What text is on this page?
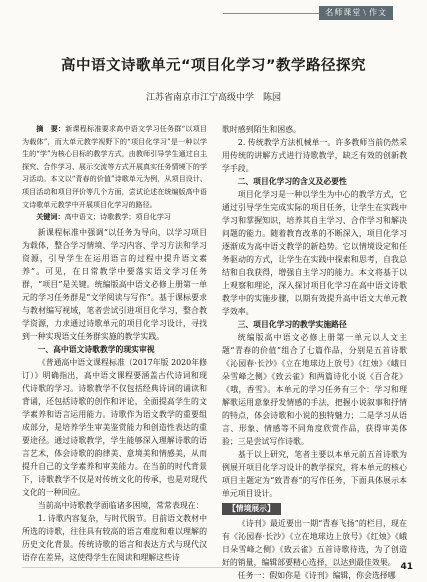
名师课堂 \ 作文
高中语文诗歌单元“项目化学习”教学路径探究
江苏省南京市江宁高级中学　陈园
摘　要：新课程标准要求高中语文学习任务群“以项目为载体”，而大单元教学视野下的“项目化学习”是一种以学生的“学”为核心目标的教学方式，由教师引导学生通过自主探究、合作学习、展示交流等方式开展真实任务情境下的学习活动。本文以“青春的价值”诗歌单元为例，从项目设计、项目活动和项目评价等几个方面，尝试论述在统编版高中语文诗歌单元教学中开展项目化学习的路径。
关键词：高中语文；诗歌教学；项目化学习

新课程标准中强调“以任务为导向，以学习项目为载体，整合学习情境、学习内容、学习方法和学习资源，引导学生在运用语言的过程中提升语文素养”。可见，在日常教学中要落实语文学习任务群，“项目”是关键。统编版高中语文必修上册第一单元的学习任务群是“文学阅读与写作”。基于课标要求与教材编写视域，笔者尝试引进项目化学习，整合教学资源，力求通过诗歌单元的项目化学习设计，寻找到一种实现语文任务群实施的教学实践。

一、高中语文诗歌教学的现实审视

《普通高中语文课程标准（2017年版 2020年修订）》明确指出，高中语文课程要涵盖古代诗词和现代诗歌的学习。诗歌教学不仅包括经典诗词的诵读和背诵，还包括诗歌的创作和评论，全面提高学生的文学素养和语言运用能力。诗歌作为语文教学的重要组成部分，是培养学生审美鉴赏能力和创造性表达的重要途径。通过诗歌教学，学生能够深入理解诗歌的语言艺术，体会诗歌的韵律美、意境美和情感美，从而提升自己的文学素养和审美能力。在当前的时代背景下，诗歌教学不仅是对传统文化的传承，也是对现代文化的一种回应。

当前高中诗歌教学面临诸多困境，常常表现在：

1. 诗歌内容复杂，与时代脱节。目前语文教材中所选的诗歌，往往具有较高的语言难度和难以理解的历史文化背景。传统诗歌的语言和表达方式与现代汉语存在差异，这使得学生在阅读和理解这些诗

歌时感到陌生和困惑。

2. 传统教学方法机械单一。许多教师当前仍然采用传统的讲解方式进行诗歌教学，缺乏有效的创新教学手段。

二、项目化学习的含义及必要性

项目化学习是一种以学生为中心的教学方式，它通过引导学生完成实际的项目任务，让学生在实践中学习和掌握知识，培养其自主学习、合作学习和解决问题的能力。随着教育改革的不断深入，项目化学习逐渐成为高中语文教学的新趋势。它以情境设定和任务驱动的方式，让学生在实践中探索和思考，自我总结和自我获得，增强自主学习的能力。本文将基于以上观察和理论，深入探讨项目化学习在高中语文诗歌教学中的实施步骤，以期有效提升高中语文大单元教学效率。

三、项目化学习的教学实施路径

统编版高中语文必修上册第一单元以人文主题“青春的价值”组合了七篇作品，分别是五首诗歌《沁园春·长沙》《立在地球边上放号》《红烛》《峨日朵雪峰之侧》《致云雀》和两篇诗化小说《百合花》《哦，香雪》。本单元的学习任务有三个：学习和理解歌运用意象抒发情感的手法，把握小说叙事和抒情的特点，体会诗歌和小说的独特魅力；二是学习从语言、形象、情感等不同角度欣赏作品，获得审美体验；三是尝试写作诗歌。

基于以上研究，笔者主要以本单元前五首诗歌为例展开项目化学习设计的教学探究，将本单元的核心项目主题定为“致青春”的写作任务，下面具体展示本单元项目设计。

【情境展示】

《诗刊》最近要出一期“青春飞扬”的栏目，现在有《沁园春·长沙》《立在地球边上放号》《红烛》《峨日朵雪峰之侧》《致云雀》五首诗歌待选，为了创造好的销量，编辑部要精心选择，以达到最佳效果。

任务一：假如你是《诗刊》编辑，你会选择哪

41
